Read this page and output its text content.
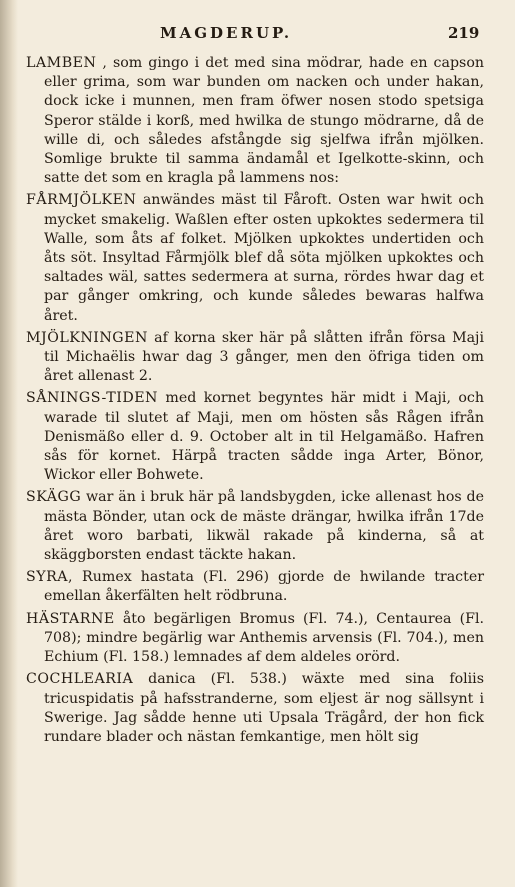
MAGDERUP.	219

LAMBEN , som gingo i det med sina mödrar, hade en capson eller grima, som war bunden om nacken och under hakan, dock icke i munnen, men fram öfwer nosen stodo spetsiga Speror stälde i korß, med hwilka de stungo mödrarne, då de wille di, och således afstångde sig sjelfwa ifrån mjölken. Somlige brukte til samma ändamål et Igelkotte-skinn, och satte det som en kragla på lammens nos:

FÅRMJÖLKEN anwändes mäst til Fåroft. Osten war hwit och mycket smakelig. Waßlen efter osten upkoktes sedermera til Walle, som åts af folket. Mjölken upkoktes undertiden och åts söt. Insyltad Fårmjölk blef då söta mjölken upkoktes och saltades wäl, sattes sedermera at surna, rördes hwar dag et par gånger omkring, och kunde således bewaras halfwa året.

MJÖLKNINGEN af korna sker här på slåtten ifrån försa Maji til Michaëlis hwar dag 3 gånger, men den öfriga tiden om året allenast 2.

SÅNINGS-TIDEN med kornet begyntes här midt i Maji, och warade til slutet af Maji, men om hösten sås Rågen ifrån Denismäßo eller d. 9. October alt in til Helgamäßo. Hafren sås för kornet. Härpå tracten sådde inga Arter, Bönor, Wickor eller Bohwete.

SKÄGG war än i bruk här på landsbygden, icke allenast hos de mästa Bönder, utan ock de mäste drängar, hwilka ifrån 17de året woro barbati, likwäl rakade på kinderna, så at skäggborsten endast täckte hakan.

SYRA, Rumex hastata (Fl. 296) gjorde de hwilande tracter emellan åkerfälten helt rödbruna.

HÄSTARNE åto begärligen Bromus (Fl. 74.), Centaurea (Fl. 708); mindre begärlig war Anthemis arvensis (Fl. 704.), men Echium (Fl. 158.) lemnades af dem aldeles orörd.

COCHLEARIA danica (Fl. 538.) wäxte med sina foliis tricuspidatis på hafsstranderne, som eljest är nog sällsynt i Swerige. Jag sådde henne uti Upsala Trägård, der hon fick rundare blader och nästan femkantige, men hölt sig
